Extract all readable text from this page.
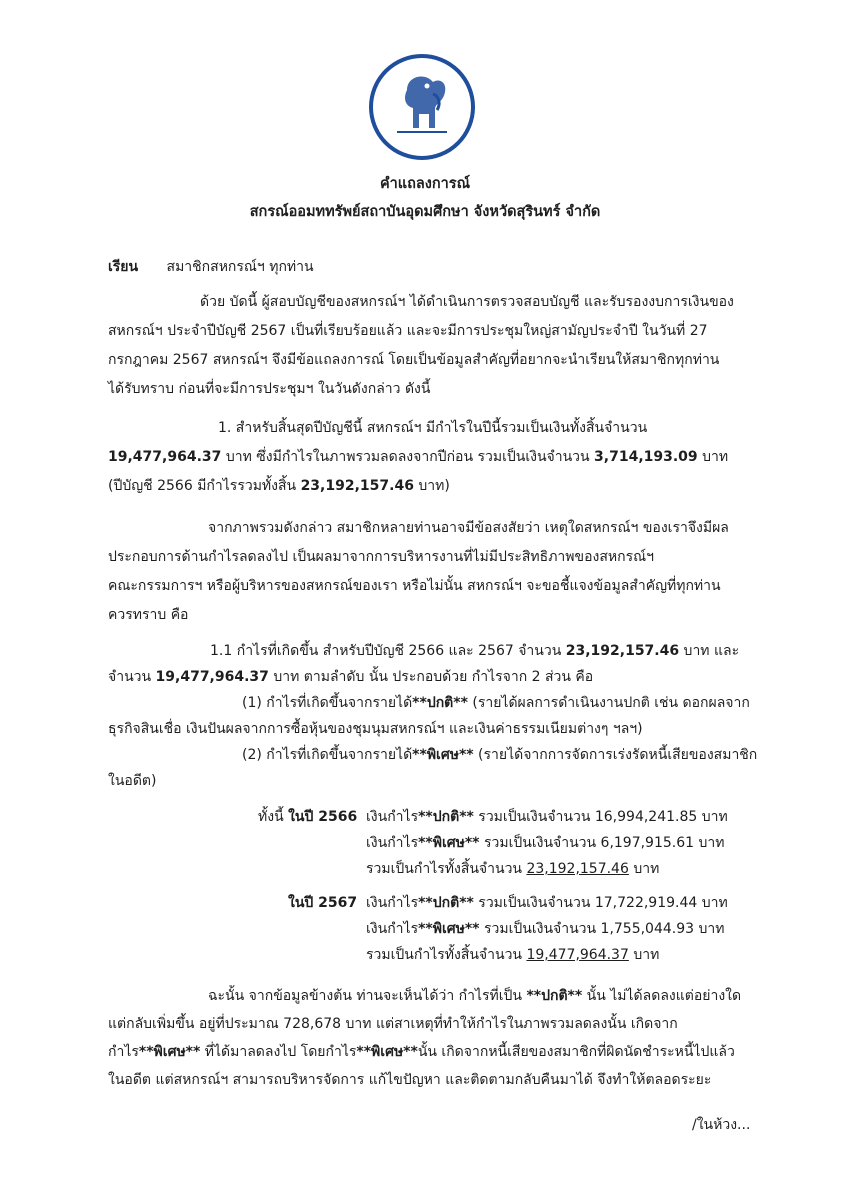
คำแถลงการณ์
สกรณ์ออมททรัพย์สถาบันอุดมศึกษา จังหวัดสุรินทร์ จำกัด
เรียน สมาชิกสหกรณ์ฯ ทุกท่าน
ด้วย บัดนี้ ผู้สอบบัญชีของสหกรณ์ฯ ได้ดำเนินการตรวจสอบบัญชี และรับรองงบการเงินของ
สหกรณ์ฯ ประจำปีบัญชี 2567 เป็นที่เรียบร้อยแล้ว และจะมีการประชุมใหญ่สามัญประจำปี ในวันที่ 27
กรกฎาคม 2567 สหกรณ์ฯ จึงมีข้อแถลงการณ์ โดยเป็นข้อมูลสำคัญที่อยากจะนำเรียนให้สมาชิกทุกท่าน
ได้รับทราบ ก่อนที่จะมีการประชุมฯ ในวันดังกล่าว ดังนี้
1. สำหรับสิ้นสุดปีบัญชีนี้ สหกรณ์ฯ มีกำไรในปีนี้รวมเป็นเงินทั้งสิ้นจำนวน
19,477,964.37 บาท ซึ่งมีกำไรในภาพรวมลดลงจากปีก่อน รวมเป็นเงินจำนวน 3,714,193.09 บาท
(ปีบัญชี 2566 มีกำไรรวมทั้งสิ้น 23,192,157.46 บาท)
จากภาพรวมดังกล่าว สมาชิกหลายท่านอาจมีข้อสงสัยว่า เหตุใดสหกรณ์ฯ ของเราจึงมีผล
ประกอบการด้านกำไรลดลงไป เป็นผลมาจากการบริหารงานที่ไม่มีประสิทธิภาพของสหกรณ์ฯ
คณะกรรมการฯ หรือผู้บริหารของสหกรณ์ของเรา หรือไม่นั้น สหกรณ์ฯ จะขอชี้แจงข้อมูลสำคัญที่ทุกท่าน
ควรทราบ คือ
1.1 กำไรที่เกิดขึ้น สำหรับปีบัญชี 2566 และ 2567 จำนวน 23,192,157.46 บาท และ
จำนวน 19,477,964.37 บาท ตามลำดับ นั้น ประกอบด้วย กำไรจาก 2 ส่วน คือ
(1) กำไรที่เกิดขึ้นจากรายได้**ปกติ** (รายได้ผลการดำเนินงานปกติ เช่น ดอกผลจาก
ธุรกิจสินเชื่อ เงินปันผลจากการซื้อหุ้นของชุมนุมสหกรณ์ฯ และเงินค่าธรรมเนียมต่างๆ ฯลฯ)
(2) กำไรที่เกิดขึ้นจากรายได้**พิเศษ** (รายได้จากการจัดการเร่งรัดหนี้เสียของสมาชิก
ในอดีต)
ทั้งนี้ ในปี 2566 เงินกำไร**ปกติ** รวมเป็นเงินจำนวน 16,994,241.85 บาท
เงินกำไร**พิเศษ** รวมเป็นเงินจำนวน 6,197,915.61 บาท
รวมเป็นกำไรทั้งสิ้นจำนวน 23,192,157.46 บาท
ในปี 2567 เงินกำไร**ปกติ** รวมเป็นเงินจำนวน 17,722,919.44 บาท
เงินกำไร**พิเศษ** รวมเป็นเงินจำนวน 1,755,044.93 บาท
รวมเป็นกำไรทั้งสิ้นจำนวน 19,477,964.37 บาท
ฉะนั้น จากข้อมูลข้างต้น ท่านจะเห็นได้ว่า กำไรที่เป็น **ปกติ** นั้น ไม่ได้ลดลงแต่อย่างใด
แต่กลับเพิ่มขึ้น อยู่ที่ประมาณ 728,678 บาท แต่สาเหตุที่ทำให้กำไรในภาพรวมลดลงนั้น เกิดจาก
กำไร**พิเศษ** ที่ได้มาลดลงไป โดยกำไร**พิเศษ**นั้น เกิดจากหนี้เสียของสมาชิกที่ผิดนัดชำระหนี้ไปแล้ว
ในอดีต แต่สหกรณ์ฯ สามารถบริหารจัดการ แก้ไขปัญหา และติดตามกลับคืนมาได้ จึงทำให้ตลอดระยะ
/ในห้วง...
